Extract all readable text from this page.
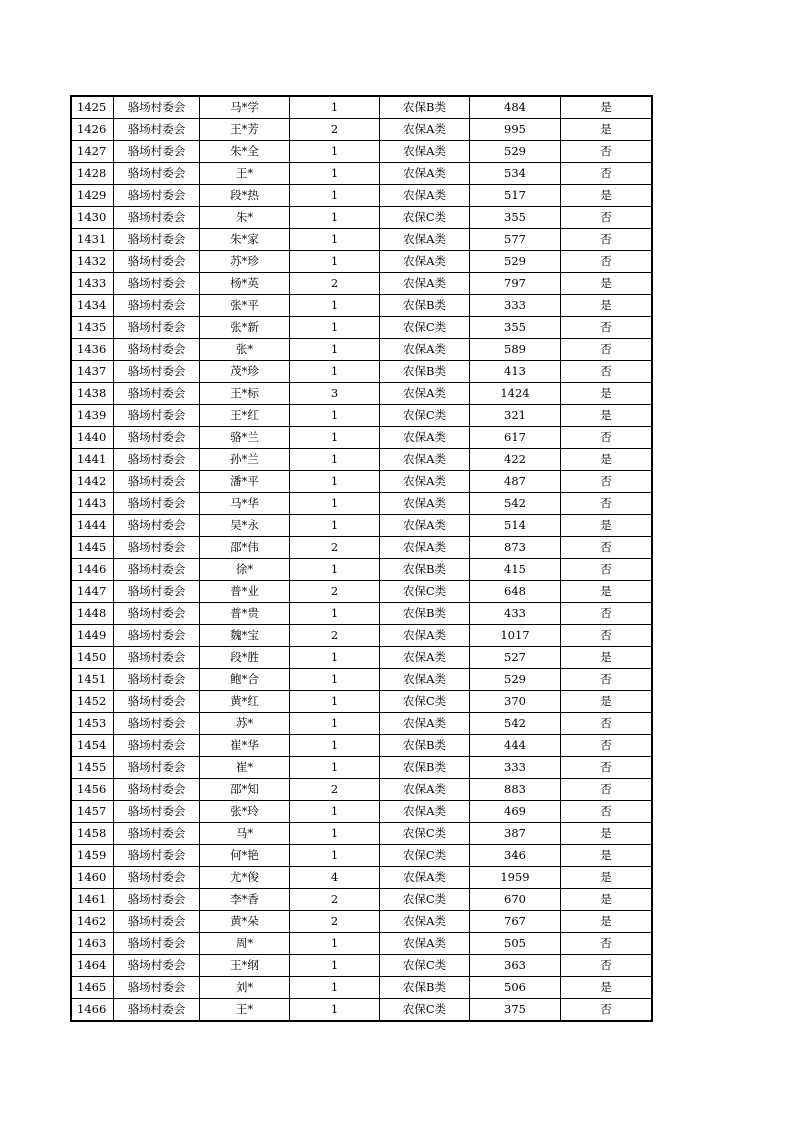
1425	骆场村委会	马*学	1	农保B类	484	是
1426	骆场村委会	王*芳	2	农保A类	995	是
1427	骆场村委会	朱*全	1	农保A类	529	否
1428	骆场村委会	王*	1	农保A类	534	否
1429	骆场村委会	段*热	1	农保A类	517	是
1430	骆场村委会	朱*	1	农保C类	355	否
1431	骆场村委会	朱*家	1	农保A类	577	否
1432	骆场村委会	苏*珍	1	农保A类	529	否
1433	骆场村委会	杨*英	2	农保A类	797	是
1434	骆场村委会	张*平	1	农保B类	333	是
1435	骆场村委会	张*新	1	农保C类	355	否
1436	骆场村委会	张*	1	农保A类	589	否
1437	骆场村委会	茂*珍	1	农保B类	413	否
1438	骆场村委会	王*标	3	农保A类	1424	是
1439	骆场村委会	王*红	1	农保C类	321	是
1440	骆场村委会	骆*兰	1	农保A类	617	否
1441	骆场村委会	孙*兰	1	农保A类	422	是
1442	骆场村委会	潘*平	1	农保A类	487	否
1443	骆场村委会	马*华	1	农保A类	542	否
1444	骆场村委会	吴*永	1	农保A类	514	是
1445	骆场村委会	邵*伟	2	农保A类	873	否
1446	骆场村委会	徐*	1	农保B类	415	否
1447	骆场村委会	普*业	2	农保C类	648	是
1448	骆场村委会	普*贵	1	农保B类	433	否
1449	骆场村委会	魏*宝	2	农保A类	1017	否
1450	骆场村委会	段*胜	1	农保A类	527	是
1451	骆场村委会	鲍*合	1	农保A类	529	否
1452	骆场村委会	黄*红	1	农保C类	370	是
1453	骆场村委会	苏*	1	农保A类	542	否
1454	骆场村委会	崔*华	1	农保B类	444	否
1455	骆场村委会	崔*	1	农保B类	333	否
1456	骆场村委会	邵*知	2	农保A类	883	否
1457	骆场村委会	张*玲	1	农保A类	469	否
1458	骆场村委会	马*	1	农保C类	387	是
1459	骆场村委会	何*艳	1	农保C类	346	是
1460	骆场村委会	尤*俊	4	农保A类	1959	是
1461	骆场村委会	李*香	2	农保C类	670	是
1462	骆场村委会	黄*朵	2	农保A类	767	是
1463	骆场村委会	周*	1	农保A类	505	否
1464	骆场村委会	王*纲	1	农保C类	363	否
1465	骆场村委会	刘*	1	农保B类	506	是
1466	骆场村委会	王*	1	农保C类	375	否
